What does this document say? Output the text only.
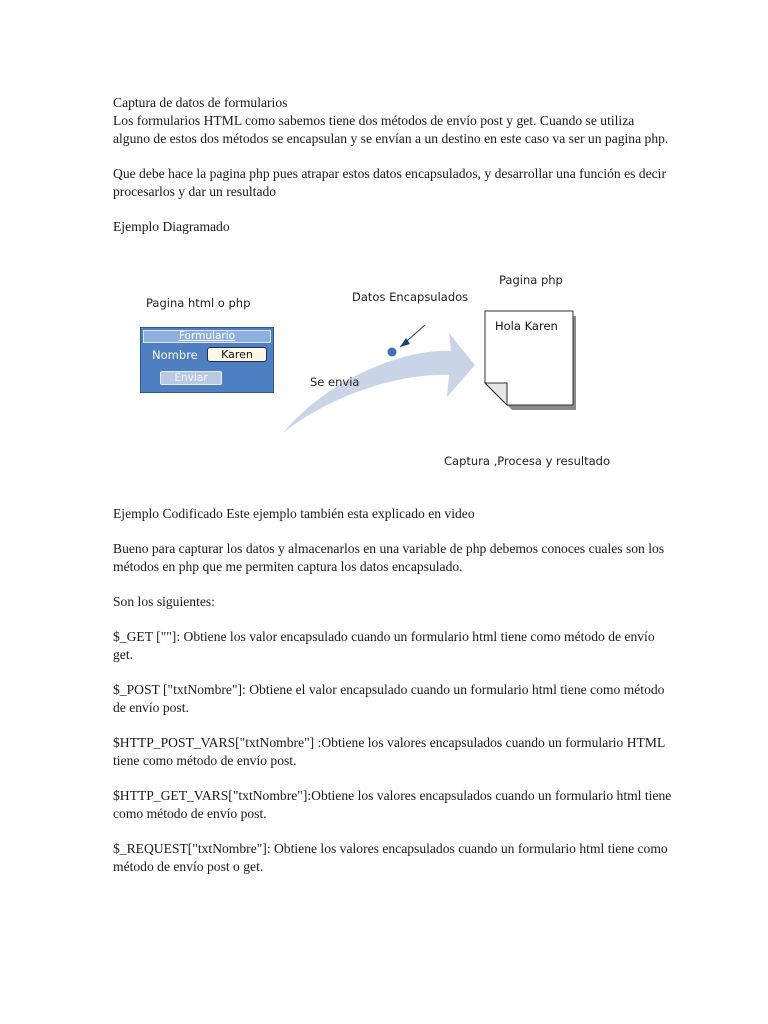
Captura de datos de formularios

Los formularios HTML como sabemos tiene dos métodos de envío post y get. Cuando se utiliza alguno de estos dos métodos se encapsulan y se envían a un destino en este caso va ser un pagina php.

Que debe hace la pagina php pues atrapar estos datos encapsulados, y desarrollar una función es decir procesarlos y dar un resultado

Ejemplo Diagramado

Pagina html o php	Datos Encapsulados
Pagina php
Se envia
Captura ,Procesa y resultado
Formulario
Nombre	Karen
Enviar
Hola Karen

Ejemplo Codificado Este ejemplo también esta explicado en video

Bueno para capturar los datos y almacenarlos en una variable de php debemos conoces cuales son los métodos en php que me permiten captura los datos encapsulado.

Son los siguientes:

$_GET [""]: Obtiene los valor encapsulado cuando un formulario html tiene como método de envío get.

$_POST ["txtNombre"]: Obtiene el valor encapsulado cuando un formulario html tiene como método de envío post.

$HTTP_POST_VARS["txtNombre"] :Obtiene los valores encapsulados cuando un formulario HTML tiene como método de envío post.

$HTTP_GET_VARS["txtNombre"]:Obtiene los valores encapsulados cuando un formulario html tiene como método de envío post.

$_REQUEST["txtNombre"]: Obtiene los valores encapsulados cuando un formulario html tiene como método de envío post o get.
